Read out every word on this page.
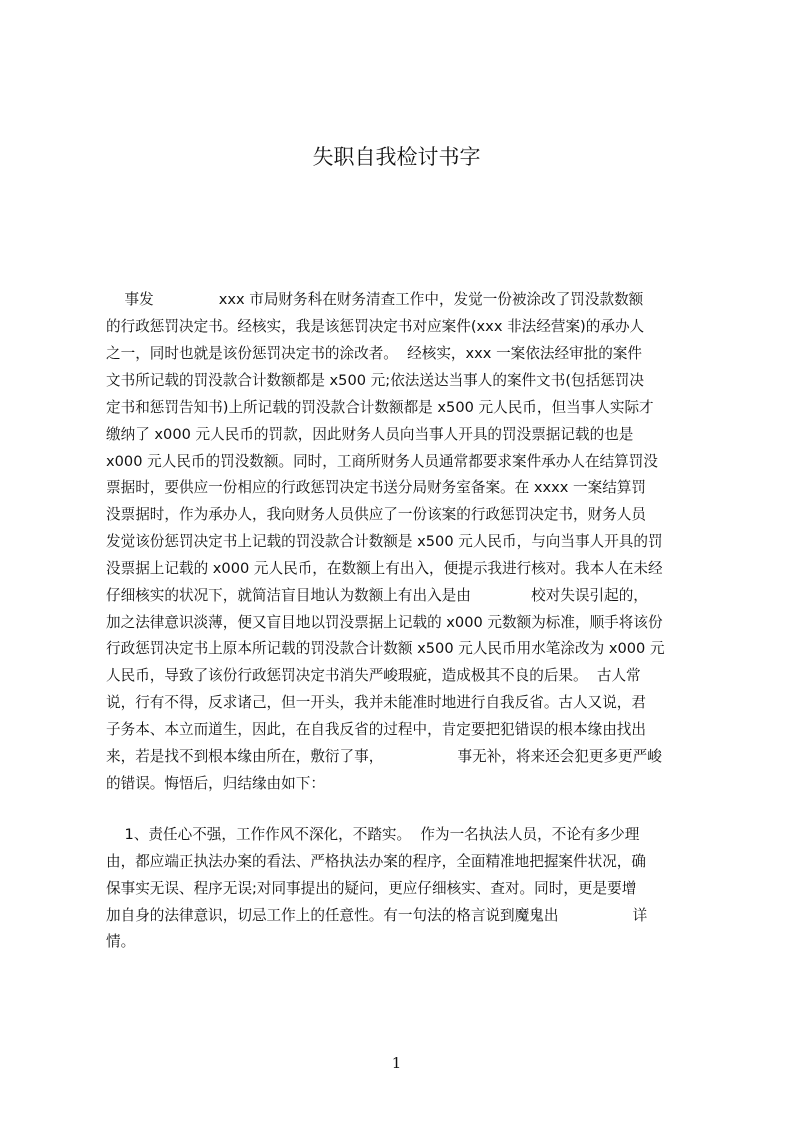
失职自我检讨书字
事发              xxx 市局财务科在财务清查工作中，发觉一份被涂改了罚没款数额
的行政惩罚决定书。经核实，我是该惩罚决定书对应案件(xxx 非法经营案)的承办人
之一，同时也就是该份惩罚决定书的涂改者。  经核实，xxx 一案依法经审批的案件
文书所记载的罚没款合计数额都是 x500 元;依法送达当事人的案件文书(包括惩罚决
定书和惩罚告知书)上所记载的罚没款合计数额都是 x500 元人民币，但当事人实际才
缴纳了 x000 元人民币的罚款，因此财务人员向当事人开具的罚没票据记载的也是
x000 元人民币的罚没数额。同时，工商所财务人员通常都要求案件承办人在结算罚没
票据时，要供应一份相应的行政惩罚决定书送分局财务室备案。在 xxxx 一案结算罚
没票据时，作为承办人，我向财务人员供应了一份该案的行政惩罚决定书，财务人员
发觉该份惩罚决定书上记载的罚没款合计数额是 x500 元人民币，与向当事人开具的罚
没票据上记载的 x000 元人民币，在数额上有出入，便提示我进行核对。我本人在未经
仔细核实的状况下，就简洁盲目地认为数额上有出入是由             校对失误引起的，
加之法律意识淡薄，便又盲目地以罚没票据上记载的 x000 元数额为标准，顺手将该份
行政惩罚决定书上原本所记载的罚没款合计数额 x500 元人民币用水笔涂改为 x000 元
人民币，导致了该份行政惩罚决定书消失严峻瑕疵，造成极其不良的后果。  古人常
说，行有不得，反求诸己，但一开头，我并未能准时地进行自我反省。古人又说，君
子务本、本立而道生，因此，在自我反省的过程中，肯定要把犯错误的根本缘由找出
来，若是找不到根本缘由所在，敷衍了事，                事无补，将来还会犯更多更严峻
的错误。悔悟后，归结缘由如下：
1、责任心不强，工作作风不深化，不踏实。  作为一名执法人员，不论有多少理
由，都应端正执法办案的看法、严格执法办案的程序，全面精准地把握案件状况，确
保事实无误、程序无误;对同事提出的疑问，更应仔细核实、查对。同时，更是要增
加自身的法律意识，切忌工作上的任意性。有一句法的格言说到魔鬼出                详
情。
1
